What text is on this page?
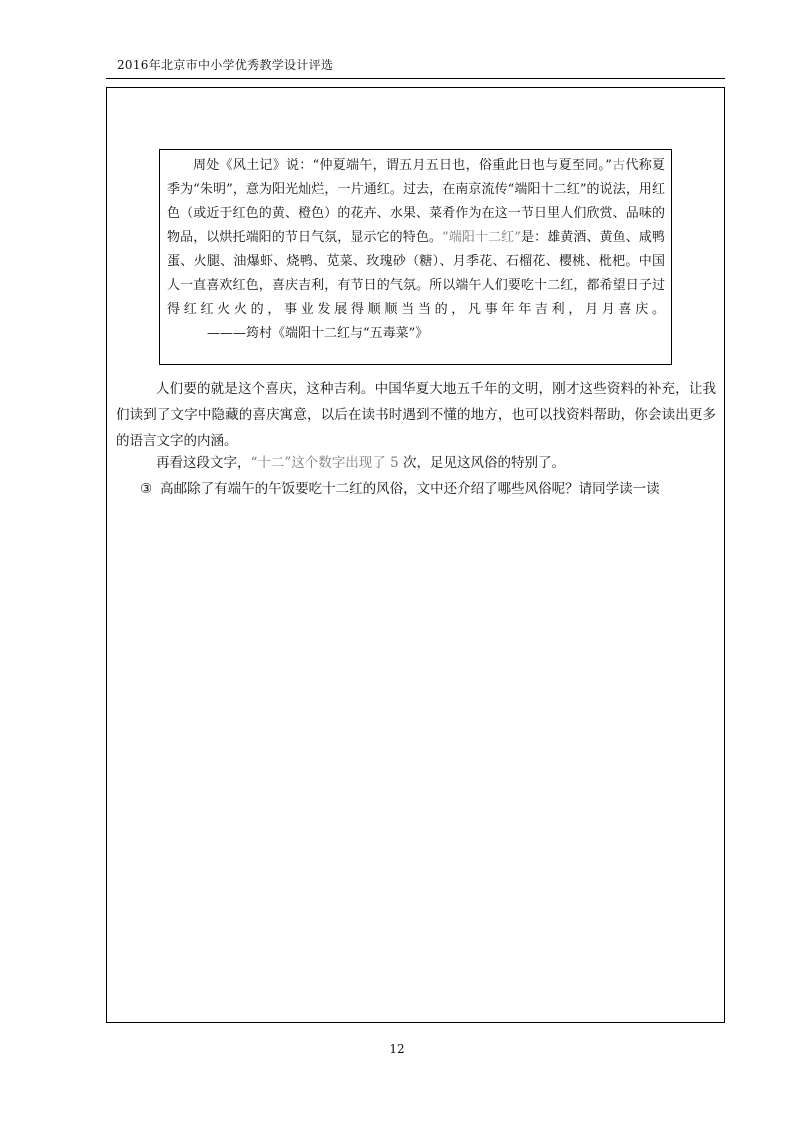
2016年北京市中小学优秀教学设计评选

周处《风土记》说：“仲夏端午，谓五月五日也，俗重此日也与夏至同。”古代称夏季为“朱明”，意为阳光灿烂，一片通红。过去，在南京流传“端阳十二红”的说法，用红色（或近于红色的黄、橙色）的花卉、水果、菜肴作为在这一节日里人们欣赏、品味的物品，以烘托端阳的节日气氛，显示它的特色。“端阳十二红”是：雄黄酒、黄鱼、咸鸭蛋、火腿、油爆虾、烧鸭、苋菜、玫瑰砂（糖）、月季花、石榴花、樱桃、枇杷。中国人一直喜欢红色，喜庆吉利，有节日的气氛。所以端午人们要吃十二红，都希望日子过得红红火火的，事业发展得顺顺当当的，凡事年年吉利，月月喜庆。———筠村《端阳十二红与“五毒菜”》

人们要的就是这个喜庆，这种吉利。中国华夏大地五千年的文明，刚才这些资料的补充，让我们读到了文字中隐藏的喜庆寓意，以后在读书时遇到不懂的地方，也可以找资料帮助，你会读出更多的语言文字的内涵。

再看这段文字，“十二”这个数字出现了 5 次，足见这风俗的特别了。

③ 高邮除了有端午的午饭要吃十二红的风俗，文中还介绍了哪些风俗呢？请同学读一读

12
